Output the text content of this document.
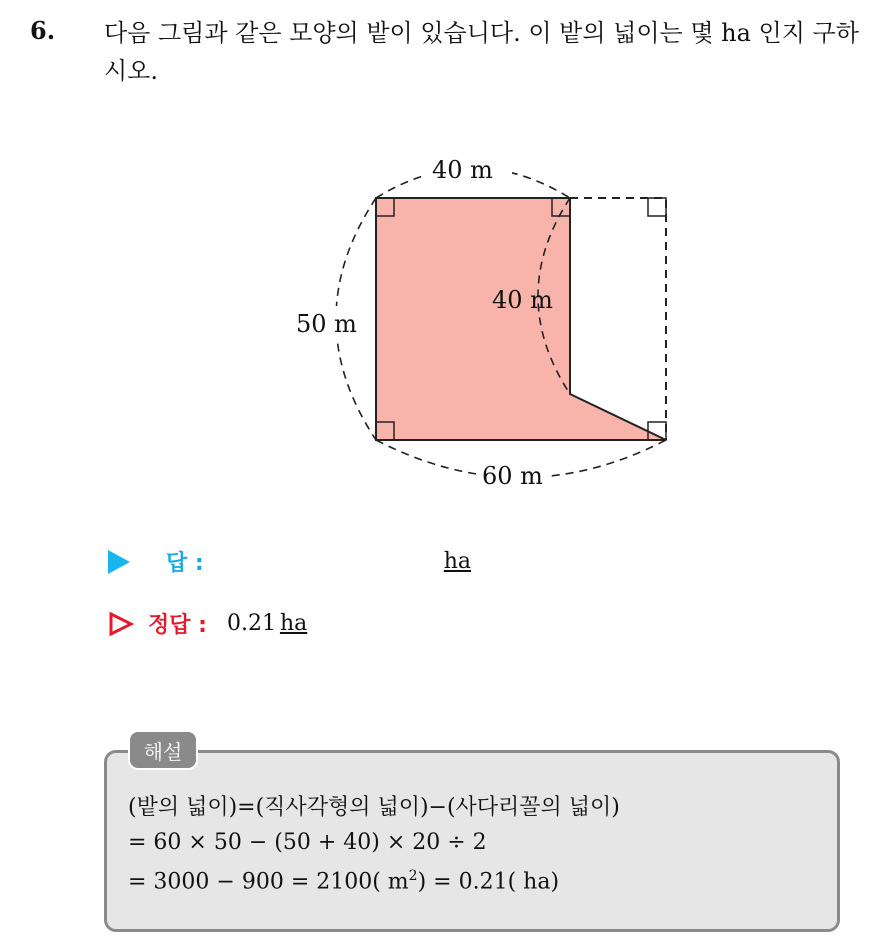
6. 다음 그림과 같은 모양의 밭이 있습니다. 이 밭의 넓이는 몇 ha 인지 구하시오.
40 m
50 m
40 m
60 m
답 :	ha
정답 : 0.21 ha
해설
(밭의 넓이)=(직사각형의 넓이)−(사다리꼴의 넓이)
= 60 × 50 − (50 + 40) × 20 ÷ 2
= 3000 − 900 = 2100( $m^2) = 0.21$( ha)
